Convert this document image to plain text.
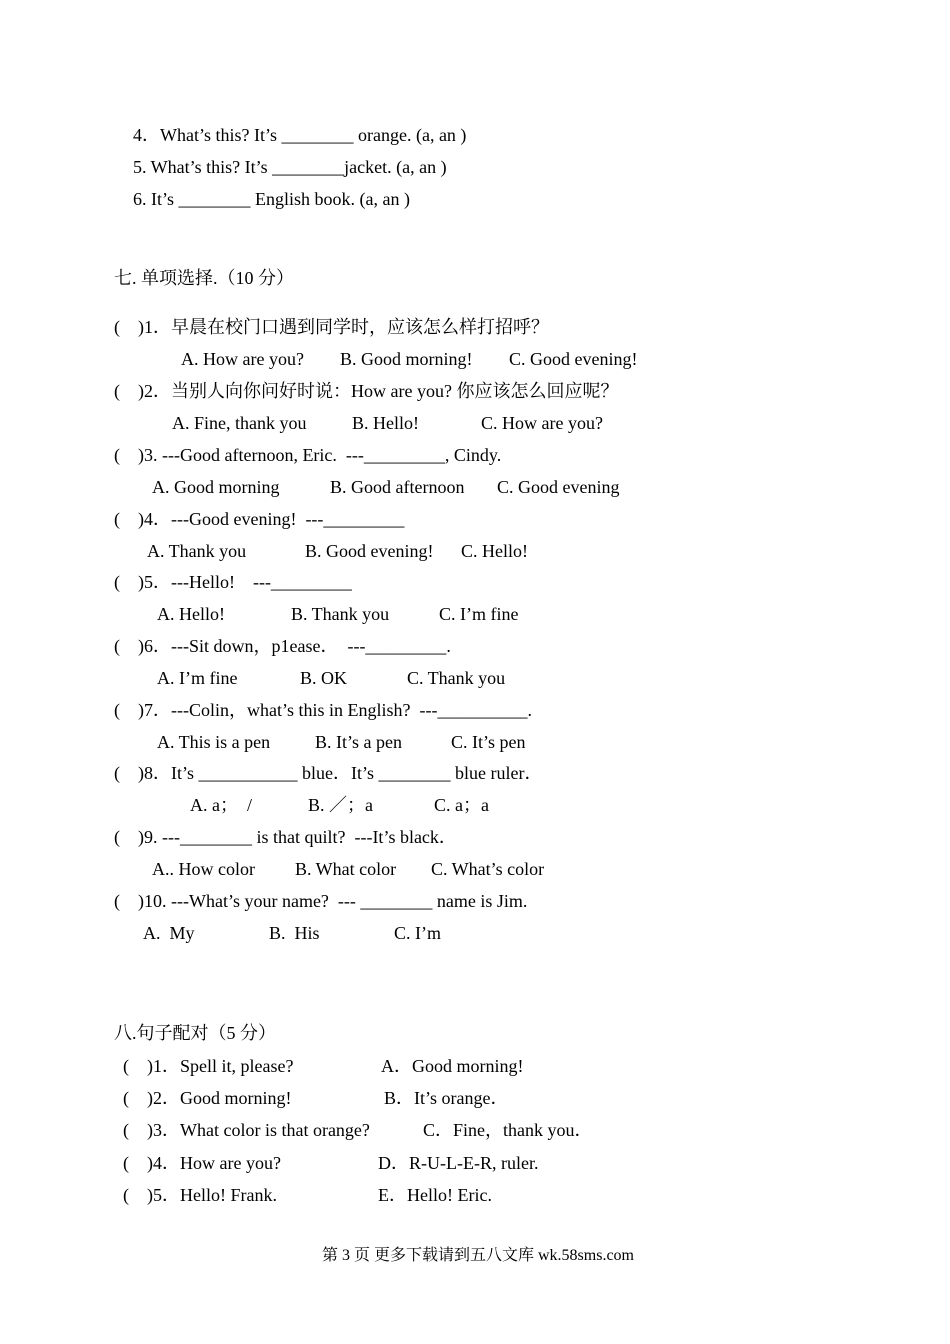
4．What’s this? It’s ________ orange. (a, an )
5. What’s this? It’s ________jacket. (a, an )
6. It’s ________ English book. (a, an )
七. 单项选择.（10 分）
(    )1．早晨在校门口遇到同学时，应该怎么样打招呼？
A. How are you? B. Good morning! C. Good evening!
(    )2．当别人向你问好时说：How are you? 你应该怎么回应呢？
A. Fine, thank you	B. Hello!	C. How are you?
(    )3. ---Good afternoon, Eric.  ---_________, Cindy.
A. Good morning	B. Good afternoon C. Good evening
(    )4．---Good evening!  ---_________
A. Thank you	B. Good evening! C. Hello!
(    )5．---Hello!    ---_________
A. Hello!	B. Thank you	C. I’m fine
(    )6．---Sit down，p1ease．  ---_________.
A. I’m fine	B. OK	C. Thank you
(    )7．---Colin，what’s this in English?  ---__________.
A. This is a pen B. It’s a pen	C. It’s pen
(    )8．It’s ___________ blue．It’s ________ blue ruler．
A. a；  /	B. ／；a	C. a；a
(    )9. ---________ is that quilt?  ---It’s black．
A.. How color B. What color C. What’s color
(    )10. ---What’s your name?  --- ________ name is Jim.
A.  My	B.  His	C. I’m
八.句子配对（5 分）
(    )1．Spell it, please?	A．Good morning!
(    )2．Good morning!	B．It’s orange．
(    )3．What color is that orange?	C．Fine，thank you．
(    )4．How are you?	D．R-U-L-E-R, ruler.
(    )5．Hello! Frank.	E．Hello! Eric.
第 3 页 更多下载请到五八文库 wk.58sms.com
